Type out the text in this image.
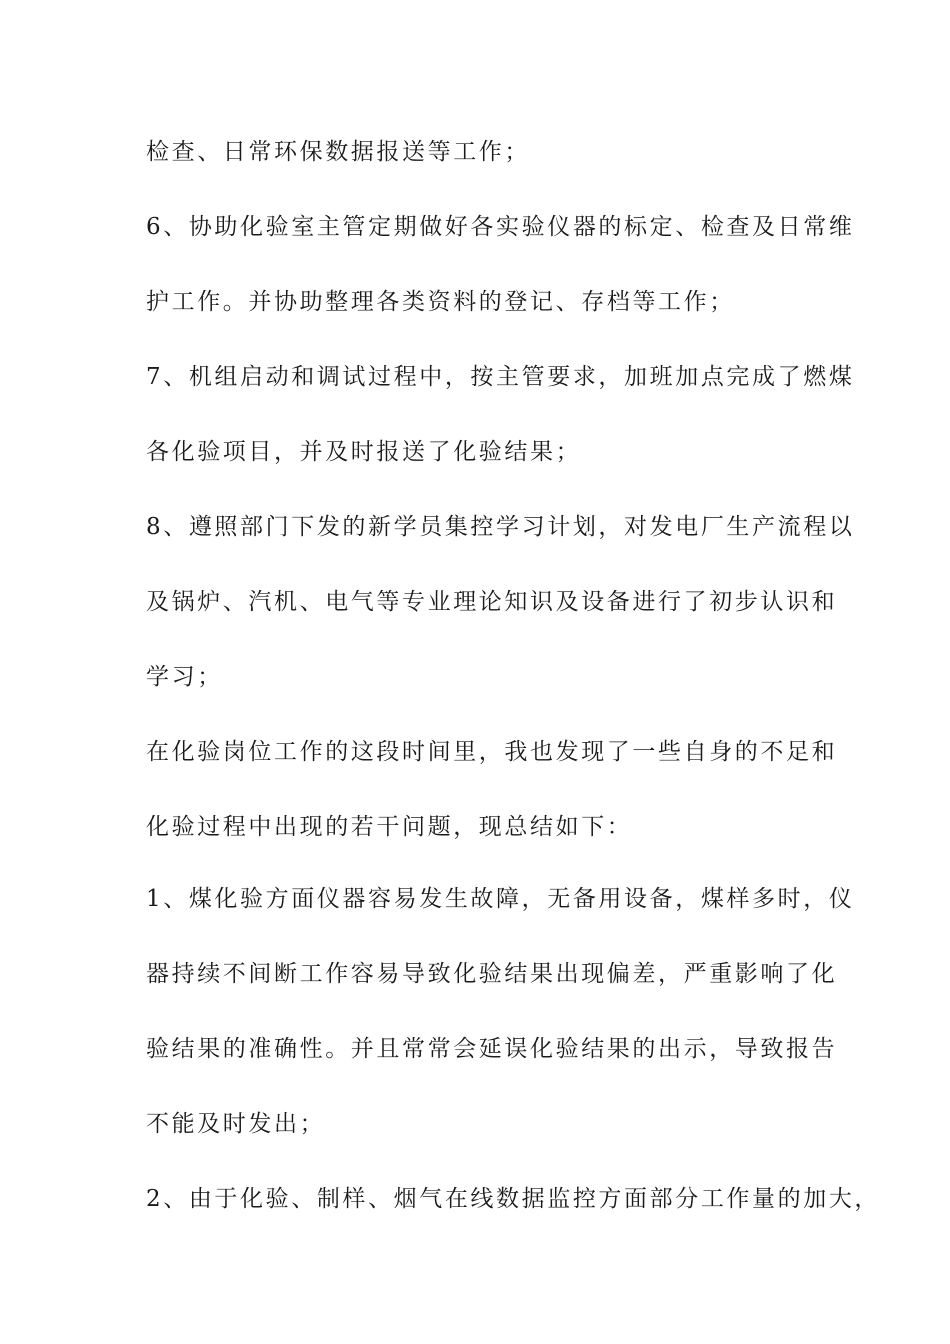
检查、日常环保数据报送等工作；
6、协助化验室主管定期做好各实验仪器的标定、检查及日常维
护工作。并协助整理各类资料的登记、存档等工作；
7、机组启动和调试过程中，按主管要求，加班加点完成了燃煤
各化验项目，并及时报送了化验结果；
8、遵照部门下发的新学员集控学习计划，对发电厂生产流程以
及锅炉、汽机、电气等专业理论知识及设备进行了初步认识和
学习；
在化验岗位工作的这段时间里，我也发现了一些自身的不足和
化验过程中出现的若干问题，现总结如下：
1、煤化验方面仪器容易发生故障，无备用设备，煤样多时，仪
器持续不间断工作容易导致化验结果出现偏差，严重影响了化
验结果的准确性。并且常常会延误化验结果的出示，导致报告
不能及时发出；
2、由于化验、制样、烟气在线数据监控方面部分工作量的加大，
